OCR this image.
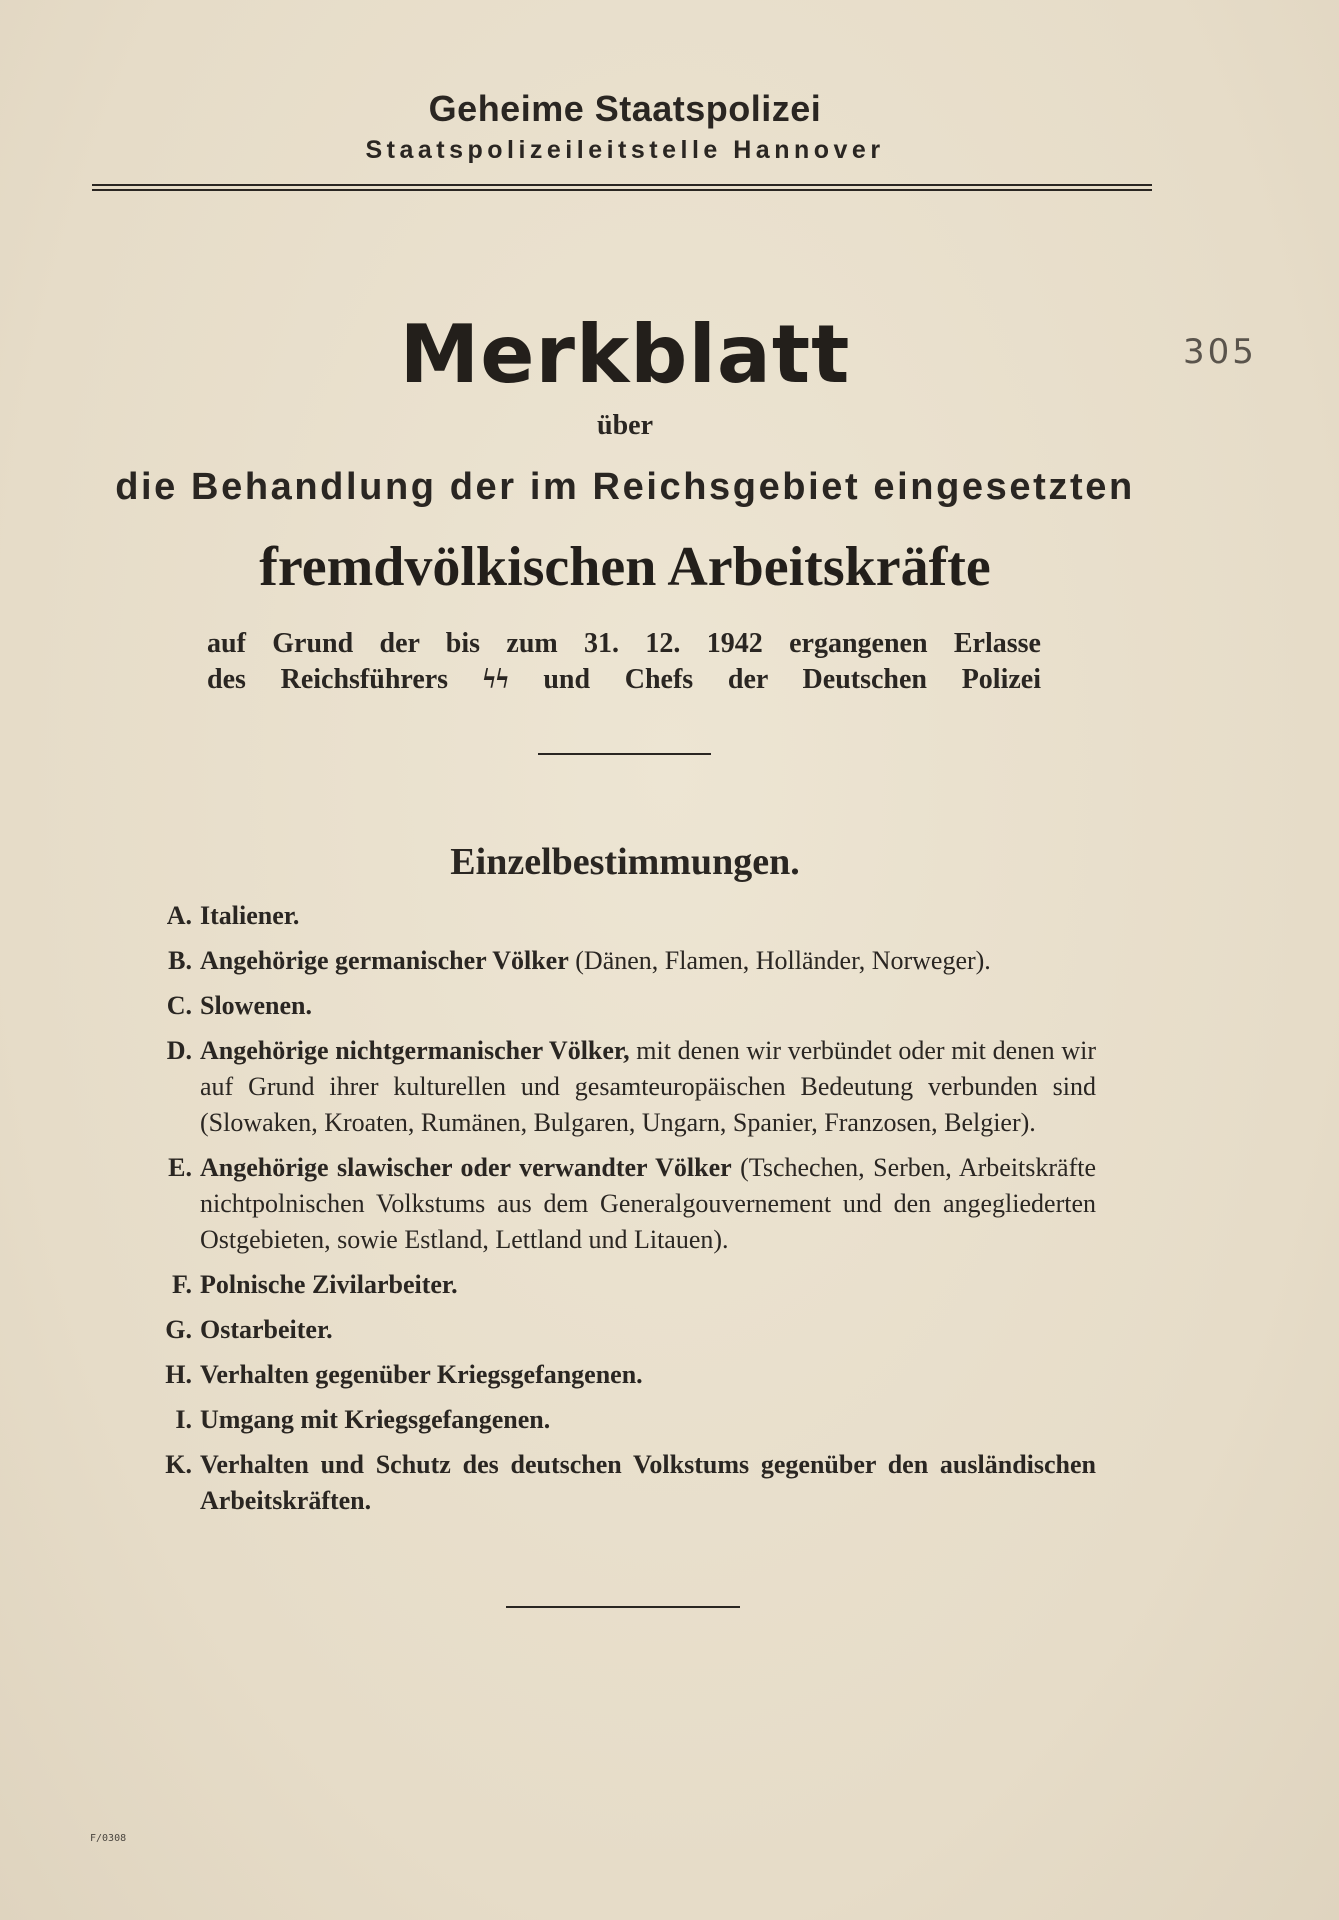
Geheime Staatspolizei
Staatspolizeileitstelle Hannover
305
Merkblatt
über
die Behandlung der im Reichsgebiet eingesetzten
fremdvölkischen Arbeitskräfte
auf Grund der bis zum 31. 12. 1942 ergangenen Erlasse
des Reichsführers ϟϟ und Chefs der Deutschen Polizei
Einzelbestimmungen.
A. Italiener.
B. Angehörige germanischer Völker (Dänen, Flamen, Holländer, Norweger).
C. Slowenen.
D. Angehörige nichtgermanischer Völker, mit denen wir verbündet oder mit denen wir auf Grund ihrer kulturellen und gesamteuropäischen Bedeutung verbunden sind (Slowaken, Kroaten, Rumänen, Bulgaren, Ungarn, Spanier, Franzosen, Belgier).
E. Angehörige slawischer oder verwandter Völker (Tschechen, Serben, Arbeitskräfte nichtpolnischen Volkstums aus dem Generalgouvernement und den angegliederten Ostgebieten, sowie Estland, Lettland und Litauen).
F. Polnische Zivilarbeiter.
G. Ostarbeiter.
H. Verhalten gegenüber Kriegsgefangenen.
I. Umgang mit Kriegsgefangenen.
K. Verhalten und Schutz des deutschen Volkstums gegenüber den ausländischen Arbeitskräften.
F/0308
